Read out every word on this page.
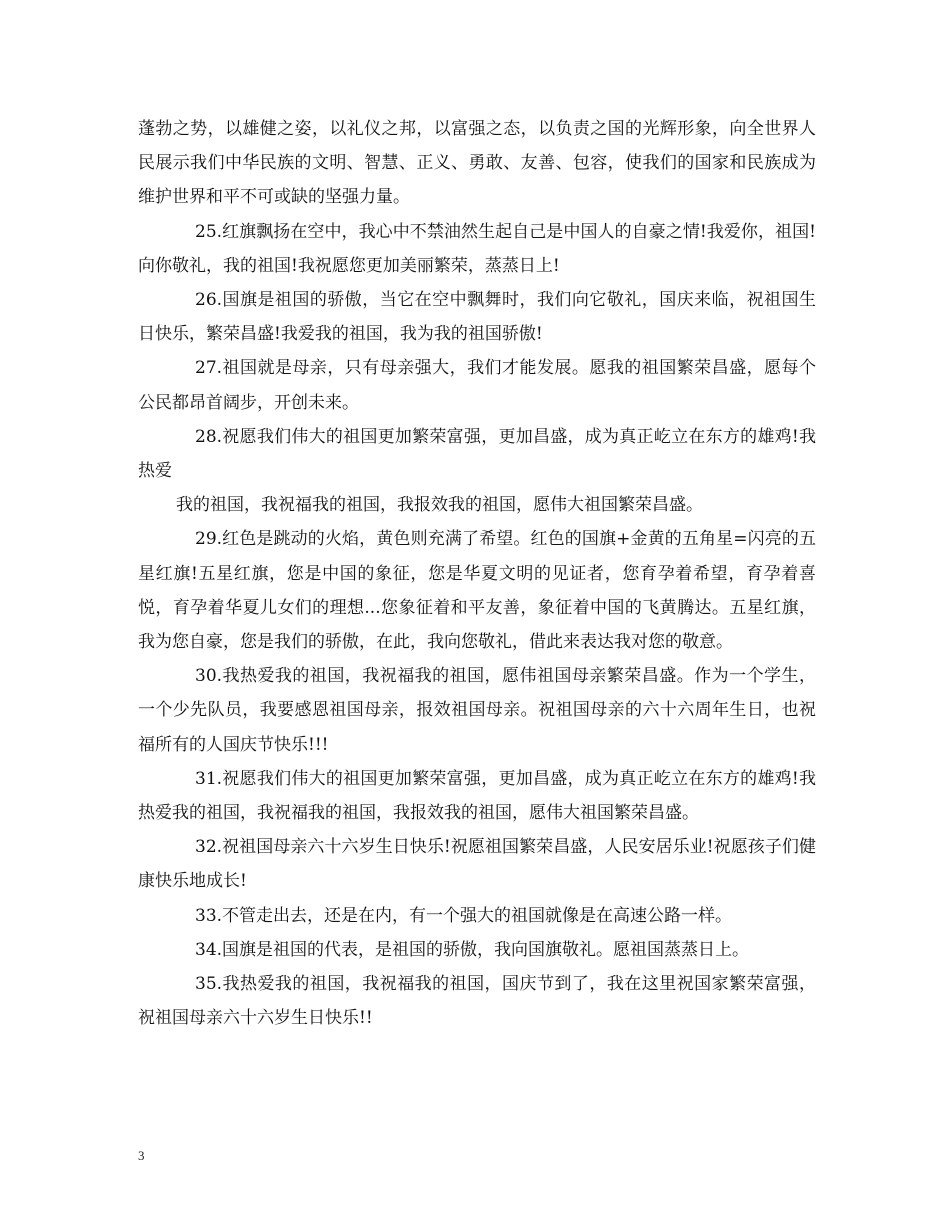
蓬勃之势，以雄健之姿，以礼仪之邦，以富强之态，以负责之国的光辉形象，向全世界人民展示我们中华民族的文明、智慧、正义、勇敢、友善、包容，使我们的国家和民族成为维护世界和平不可或缺的坚强力量。

25.红旗飘扬在空中，我心中不禁油然生起自己是中国人的自豪之情!我爱你，祖国!向你敬礼，我的祖国!我祝愿您更加美丽繁荣，蒸蒸日上!

26.国旗是祖国的骄傲，当它在空中飘舞时，我们向它敬礼，国庆来临，祝祖国生日快乐，繁荣昌盛!我爱我的祖国，我为我的祖国骄傲!

27.祖国就是母亲，只有母亲强大，我们才能发展。愿我的祖国繁荣昌盛，愿每个公民都昂首阔步，开创未来。

28.祝愿我们伟大的祖国更加繁荣富强，更加昌盛，成为真正屹立在东方的雄鸡!我热爱

我的祖国，我祝福我的祖国，我报效我的祖国，愿伟大祖国繁荣昌盛。

29.红色是跳动的火焰，黄色则充满了希望。红色的国旗+金黄的五角星=闪亮的五星红旗!五星红旗，您是中国的象征，您是华夏文明的见证者，您育孕着希望，育孕着喜悦，育孕着华夏儿女们的理想...您象征着和平友善，象征着中国的飞黄腾达。五星红旗，我为您自豪，您是我们的骄傲，在此，我向您敬礼，借此来表达我对您的敬意。

30.我热爱我的祖国，我祝福我的祖国，愿伟祖国母亲繁荣昌盛。作为一个学生，一个少先队员，我要感恩祖国母亲，报效祖国母亲。祝祖国母亲的六十六周年生日，也祝福所有的人国庆节快乐!!!

31.祝愿我们伟大的祖国更加繁荣富强，更加昌盛，成为真正屹立在东方的雄鸡!我热爱我的祖国，我祝福我的祖国，我报效我的祖国，愿伟大祖国繁荣昌盛。

32.祝祖国母亲六十六岁生日快乐!祝愿祖国繁荣昌盛，人民安居乐业!祝愿孩子们健康快乐地成长!

33.不管走出去，还是在内，有一个强大的祖国就像是在高速公路一样。

34.国旗是祖国的代表，是祖国的骄傲，我向国旗敬礼。愿祖国蒸蒸日上。

35.我热爱我的祖国，我祝福我的祖国，国庆节到了，我在这里祝国家繁荣富强，祝祖国母亲六十六岁生日快乐!!

3
